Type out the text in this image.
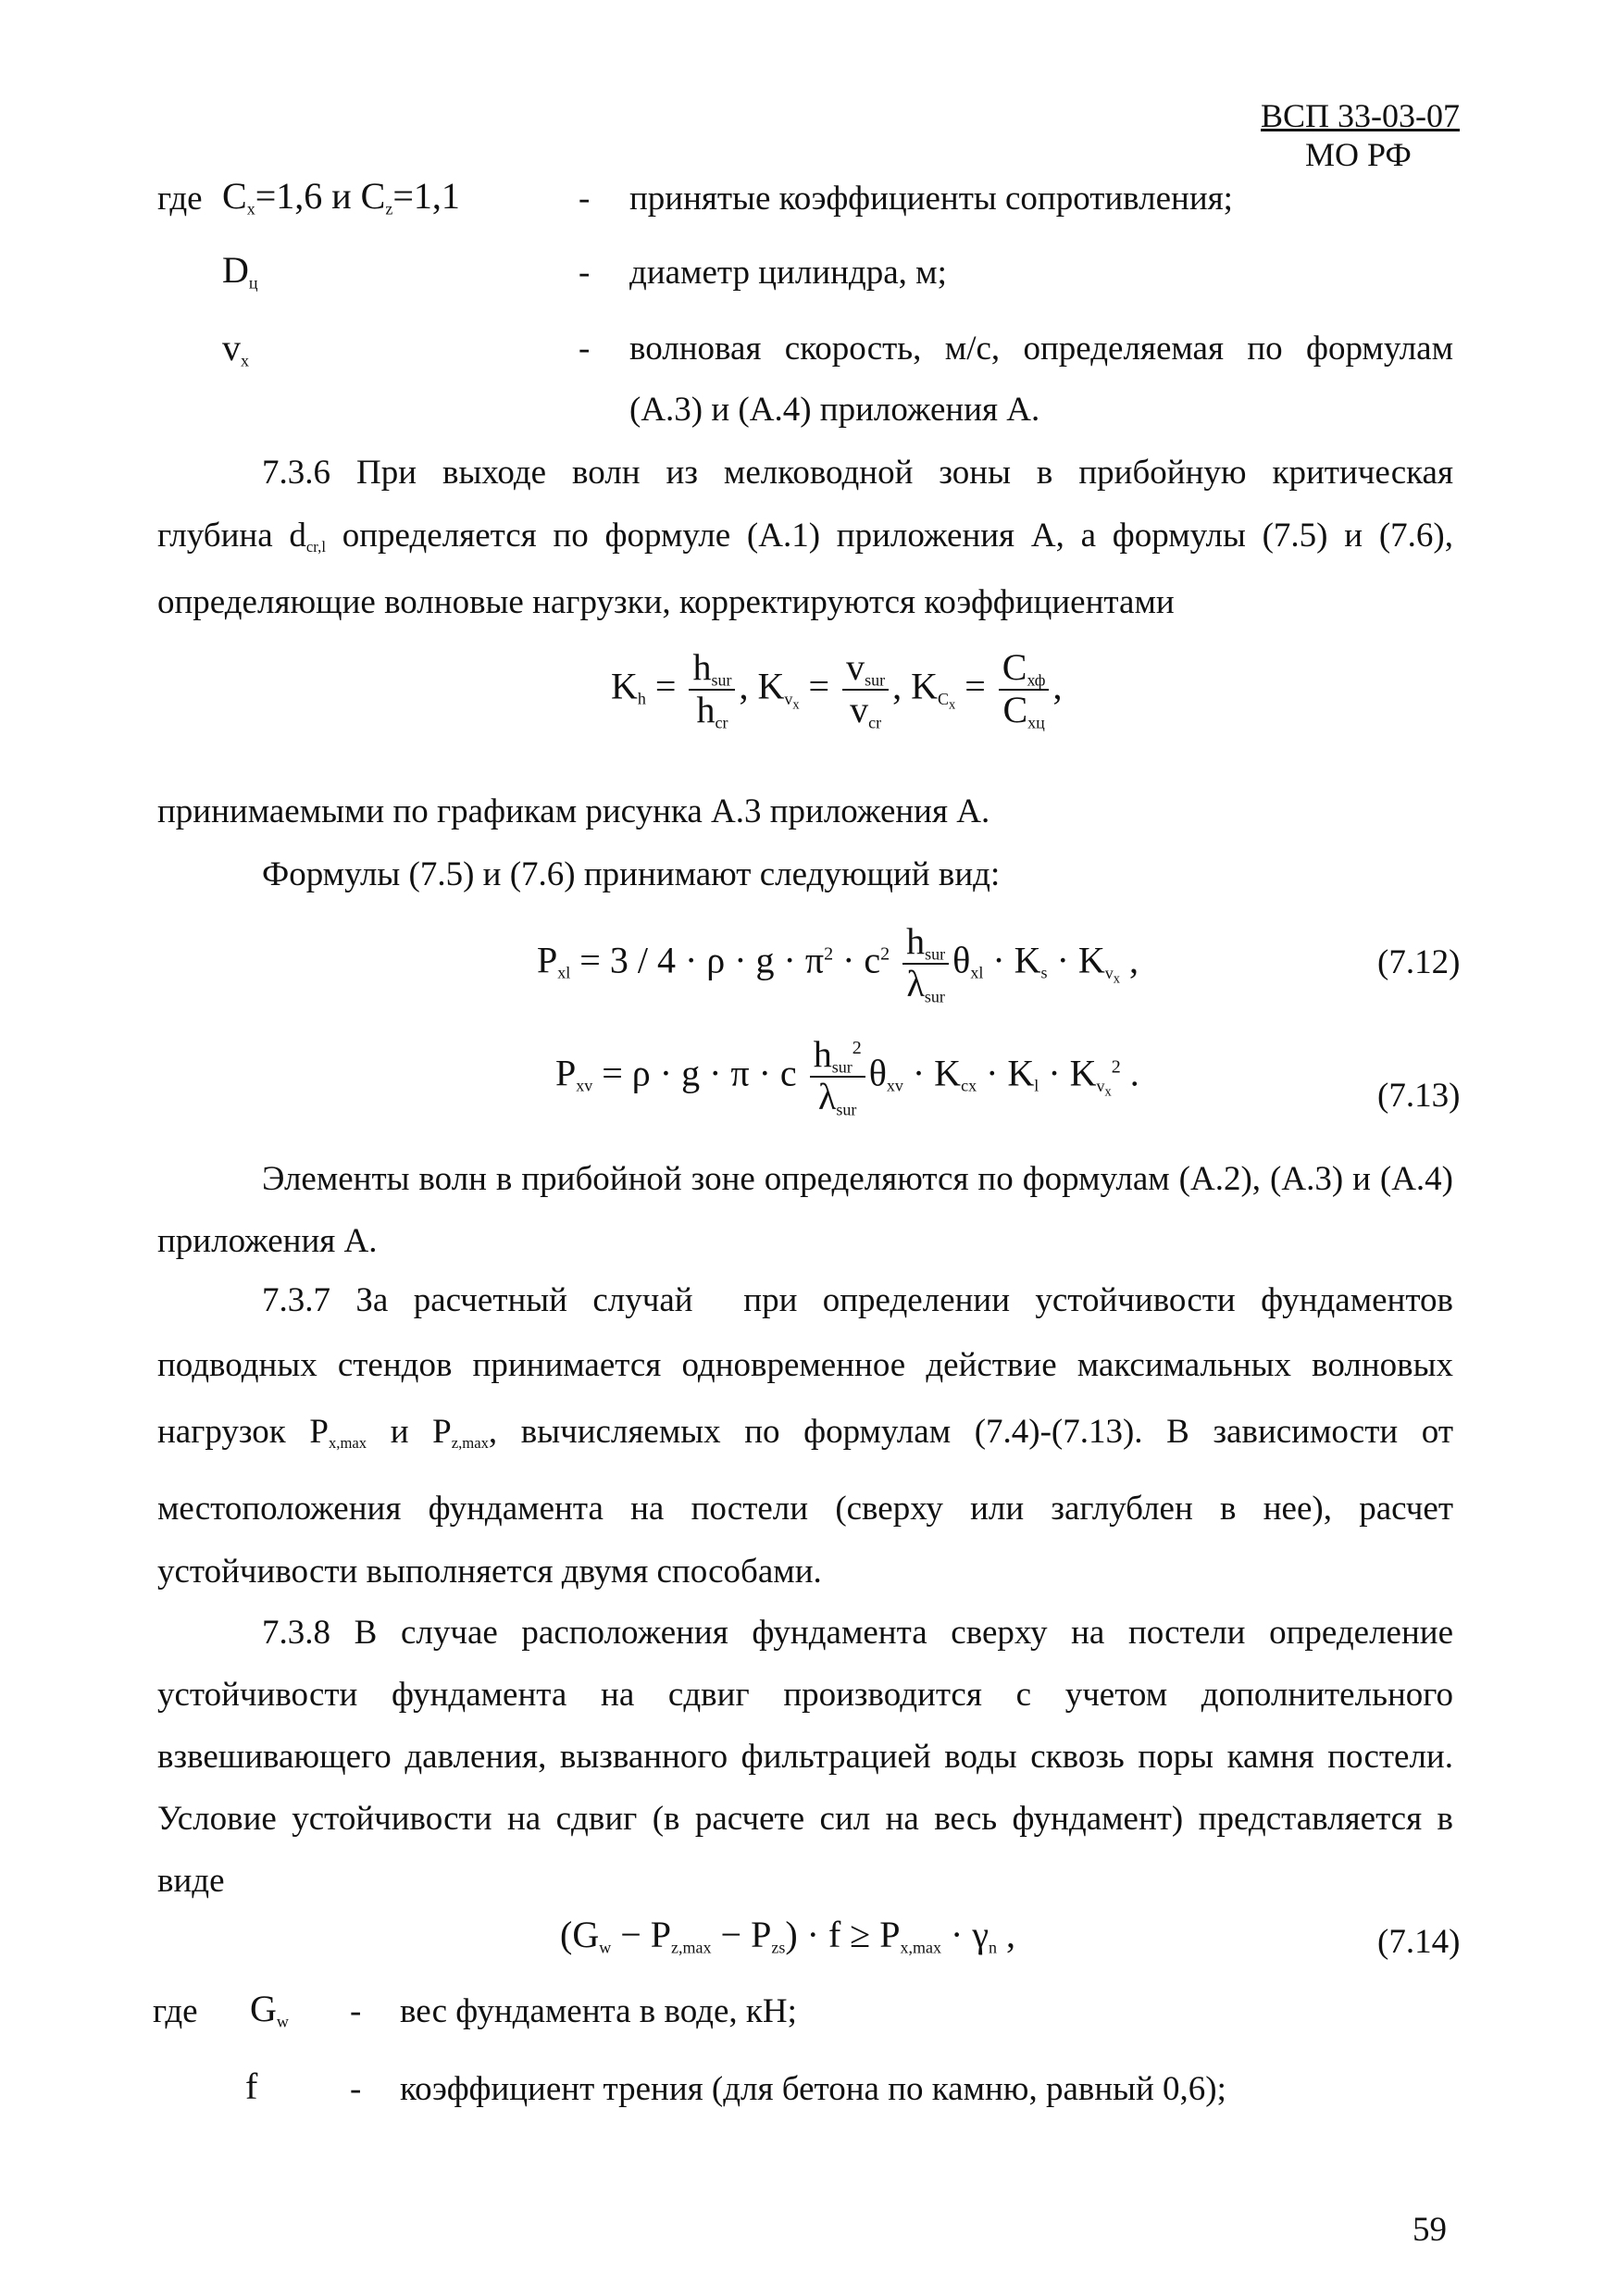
ВСП 33-03-07
МО РФ
где $C_x=1,6$ и $C_z=1,1$	- принятые коэффициенты сопротивления;
$D_ц$	- диаметр цилиндра, м;
$v_x$	- волновая скорость, м/с, определяемая по формулам
(А.3) и (А.4) приложения А.
7.3.6 При выходе волн из мелководной зоны в прибойную критическая
глубина $d_{cr,l}$ определяется по формуле (А.1) приложения А, а формулы (7.5) и (7.6),
определяющие волновые нагрузки, корректируются коэффициентами
$K_h = \frac{h_{sur}}{h_{cr}}$ , $K_{v_x} = \frac{v_{sur}}{v_{cr}}$ , $K_{C_x} = \frac{C_{хф}}{C_{хц}}$ ,
принимаемыми по графикам рисунка А.3 приложения А.
Формулы (7.5) и (7.6) принимают следующий вид:
$P_{xl} = 3 / 4 \cdot \rho \cdot g \cdot \pi^2 \cdot c^2 \frac{h_{sur}}{\lambda_{sur}} \theta_{xl} \cdot K_s \cdot K_{v_x}$ ,	(7.12)
$P_{xv} = \rho \cdot g \cdot \pi \cdot c \frac{h_{sur}^2}{\lambda_{sur}} \theta_{xv} \cdot K_{cx} \cdot K_l \cdot K_{v_x}^2$ .
(7.13)
Элементы волн в прибойной зоне определяются по формулам (А.2), (А.3) и (А.4) приложения А.
7.3.7 За расчетный случай  при определении устойчивости фундаментов
подводных стендов принимается одновременное действие максимальных волновых
нагрузок $P_{x,max}$ и $P_{z,max}$, вычисляемых по формулам (7.4)-(7.13). В зависимости от
местоположения фундамента на постели (сверху или заглублен в нее), расчет устойчивости выполняется двумя способами.
7.3.8 В случае расположения фундамента сверху на постели определение устойчивости фундамента на сдвиг производится с учетом дополнительного взвешивающего давления, вызванного фильтрацией воды сквозь поры камня постели. Условие устойчивости на сдвиг (в расчете сил на весь фундамент) представляется в виде
$(G_w - P_{z,max} - P_{zs}) \cdot f \ge P_{x,max} \cdot \gamma_n$ ,	(7.14)
где $G_w$ - вес фундамента в воде, кН;
f	- коэффициент трения (для бетона по камню, равный 0,6);
59
